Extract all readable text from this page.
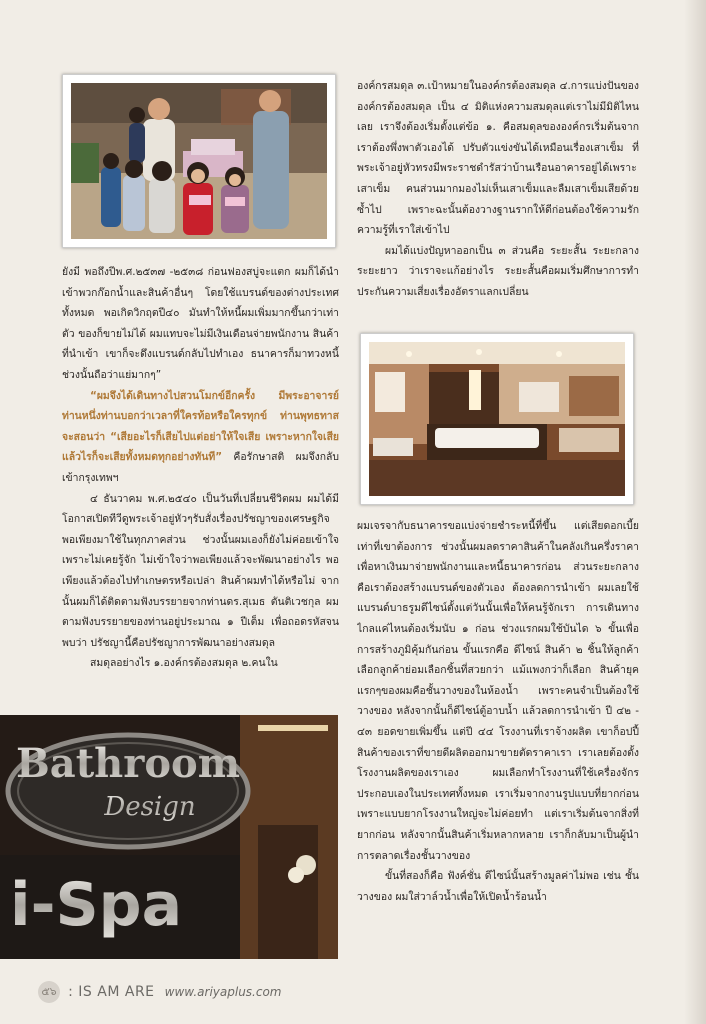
Bathroom
Design
i-Spa

ยังมี พอถึงปีพ.ศ.๒๕๓๗ -๒๕๓๘ ก่อนฟองสบู่จะแตก ผมก็ได้นำเข้าพวกก๊อกน้ำและสินค้าอื่นๆ โดยใช้แบรนด์ของต่างประเทศทั้งหมด พอเกิดวิกฤตปี๔๐ มันทำให้หนี้ผมเพิ่มมากขึ้นกว่าเท่าตัว ของก็ขายไม่ได้ ผมแทบจะไม่มีเงินเดือนจ่ายพนักงาน สินค้าที่นำเข้า เขาก็จะดึงแบรนด์กลับไปทำเอง ธนาคารก็มาทวงหนี้ ช่วงนั้นถือว่าแย่มากๆ”

“ผมจึงได้เดินทางไปสวนโมกข์อีกครั้ง มีพระอาจารย์ท่านหนึ่งท่านบอกว่าเวลาที่ใครท้อหรือใครทุกข์ ท่านพุทธทาสจะสอนว่า “เสียอะไรก็เสียไปแต่อย่าให้ใจเสีย เพราะหากใจเสียแล้วไรก็จะเสียทั้งหมดทุกอย่างทันที” คือรักษาสติ ผมจึงกลับเข้ากรุงเทพฯ

๔ ธันวาคม พ.ศ.๒๕๔๐ เป็นวันที่เปลี่ยนชีวิตผม ผมได้มีโอกาสเปิดทีวีดูพระเจ้าอยู่หัวๆรับสั่งเรื่องปรัชญาของเศรษฐกิจพอเพียงมาใช้ในทุกภาคส่วน ช่วงนั้นผมเองก็ยังไม่ค่อยเข้าใจเพราะไม่เคยรู้จัก ไม่เข้าใจว่าพอเพียงแล้วจะพัฒนาอย่างไร พอเพียงแล้วต้องไปทำเกษตรหรือเปล่า สินค้าผมทำได้หรือไม่ จากนั้นผมก็ได้ติดตามฟังบรรยายจากท่านดร.สุเมธ ตันติเวชกุล ผมตามฟังบรรยายของท่านอยู่ประมาณ ๑ ปีเต็ม เพื่อถอดรหัสจนพบว่า ปรัชญานี้คือปรัชญาการพัฒนาอย่างสมดุล

สมดุลอย่างไร ๑.องค์กรต้องสมดุล ๒.คนใน

องค์กรสมดุล ๓.เป้าหมายในองค์กรต้องสมดุล ๔.การแบ่งปันขององค์กรต้องสมดุล เป็น ๔ มิติแห่งความสมดุลแต่เราไม่มีมิติไหนเลย เราจึงต้องเริ่มตั้งแต่ข้อ ๑. คือสมดุลขององค์กรเริ่มต้นจากเราต้องพึ่งพาตัวเองได้ ปรับตัวแข่งขันได้เหมือนเรื่องเสาเข็ม ที่พระเจ้าอยู่หัวทรงมีพระราชดำรัสว่าบ้านเรือนอาคารอยู่ได้เพราะเสาเข็ม คนส่วนมากมองไม่เห็นเสาเข็มและลืมเสาเข็มเสียด้วยซ้ำไป เพราะฉะนั้นต้องวางฐานรากให้ดีก่อนต้องใช้ความรัก ความรู้ที่เราใส่เข้าไป

ผมได้แบ่งปัญหาออกเป็น ๓ ส่วนคือ ระยะสั้น ระยะกลาง ระยะยาว ว่าเราจะแก้อย่างไร ระยะสั้นคือผมเริ่มศึกษาการทำประกันความเสี่ยงเรื่องอัตราแลกเปลี่ยน

ผมเจรจากับธนาคารขอแบ่งจ่ายชำระหนี้ที่ขึ้น แต่เสียดอกเบี้ยเท่าที่เขาต้องการ ช่วงนั้นผมลดราคาสินค้าในคลังเกินครึ่งราคา เพื่อหาเงินมาจ่ายพนักงานและหนี้ธนาคารก่อน ส่วนระยะกลางคือเราต้องสร้างแบรนด์ของตัวเอง ต้องลดการนำเข้า ผมเลยใช้แบรนด์บาธรูมดีไซน์ตั้งแต่วันนั้นเพื่อให้คนรู้จักเรา การเดินทางไกลแค่ไหนต้องเริ่มนับ ๑ ก่อน ช่วงแรกผมใช้บันได ๖ ขั้นเพื่อการสร้างภูมิคุ้มกันก่อน ขั้นแรกคือ ดีไซน์ สินค้า ๒ ชิ้นให้ลูกค้าเลือกลูกค้าย่อมเลือกชิ้นที่สวยกว่า แม้แพงกว่าก็เลือก สินค้ายุคแรกๆของผมคือชั้นวางของในห้องน้ำ เพราะคนจำเป็นต้องใช้วางของ หลังจากนั้นก็ดีไซน์ตู้อาบน้ำ แล้วลดการนำเข้า ปี ๔๒ - ๔๓ ยอดขายเพิ่มขึ้น แต่ปี ๔๔ โรงงานที่เราจ้างผลิต เขาก็อปปี้สินค้าของเราที่ขายดีผลิตออกมาขายตัดราคาเรา เราเลยต้องตั้งโรงงานผลิตของเราเอง ผมเลือกทำโรงงานที่ใช้เครื่องจักรประกอบเองในประเทศทั้งหมด เราเริ่มจากงานรูปแบบที่ยากก่อน เพราะแบบยากโรงงานใหญ่จะไม่ค่อยทำ แต่เราเริ่มต้นจากสิ่งที่ยากก่อน หลังจากนั้นสินค้าเริ่มหลากหลาย เราก็กลับมาเป็นผู้นำการตลาดเรื่องชั้นวางของ

ขั้นที่สองก็คือ ฟังค์ชั่น ดีไซน์นั้นสร้างมูลค่าไม่พอ เช่น ชั้นวางของ ผมใส่วาล์วน้ำเพื่อให้เปิดน้ำร้อนน้ำ

๕๖ : IS AM ARE www.ariyaplus.com
